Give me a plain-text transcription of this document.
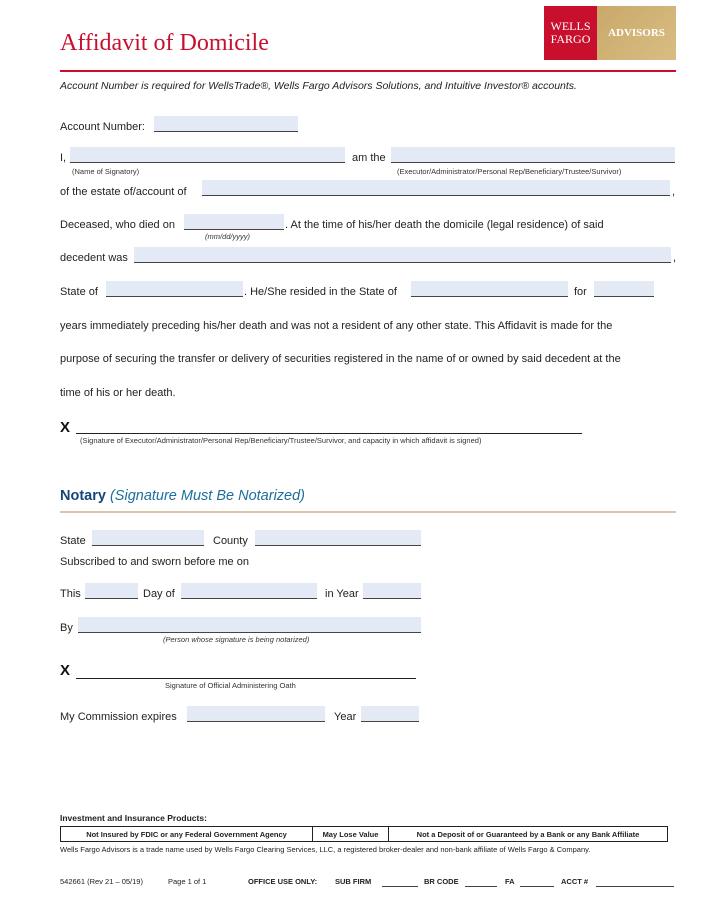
Affidavit of Domicile
WELLS
FARGO	ADVISORS
Account Number is required for WellsTrade®, Wells Fargo Advisors Solutions, and Intuitive Investor® accounts.
Account Number:
I,
(Name of Signatory)
am the
(Executor/Administrator/Personal Rep/Beneficiary/Trustee/Survivor)
of the estate of/account of	,
Deceased, who died on
(mm/dd/yyyy)
. At the time of his/her death the domicile (legal residence) of said
decedent was	,
State of	. He/She resided in the State of	for
years immediately preceding his/her death and was not a resident of any other state. This Affidavit is made for the
purpose of securing the transfer or delivery of securities registered in the name of or owned by said decedent at the
time of his or her death.
X
(Signature of Executor/Administrator/Personal Rep/Beneficiary/Trustee/Survivor, and capacity in which affidavit is signed)
Notary (Signature Must Be Notarized)
State	County
Subscribed to and sworn before me on
This	Day of	in Year
By
(Person whose signature is being notarized)
X
Signature of Official Administering Oath
My Commission expires	Year
Investment and Insurance Products:
Not Insured by FDIC or any Federal Government Agency	May Lose Value	Not a Deposit of or Guaranteed by a Bank or any Bank Affiliate
Wells Fargo Advisors is a trade name used by Wells Fargo Clearing Services, LLC, a registered broker-dealer and non-bank affiliate of Wells Fargo & Company.
542661 (Rev 21 – 05/19)	Page 1 of 1	OFFICE USE ONLY: SUB FIRM	BR CODE	FA	ACCT #
